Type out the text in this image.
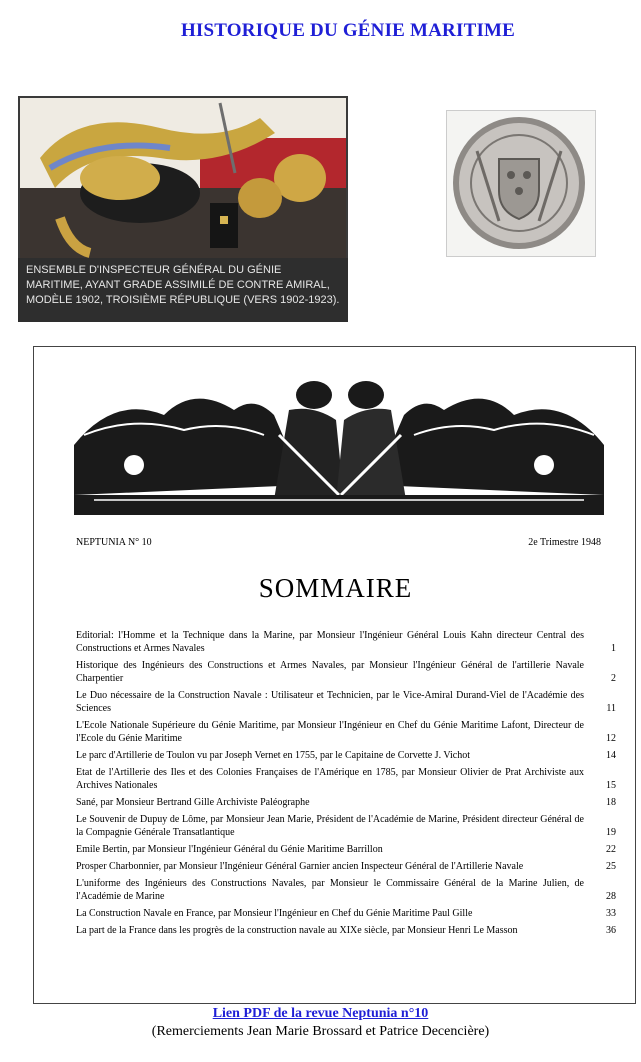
HISTORIQUE DU GÉNIE MARITIME
ENSEMBLE D'INSPECTEUR GÉNÉRAL DU GÉNIE MARITIME, AYANT GRADE ASSIMILÉ DE CONTRE AMIRAL, MODÈLE 1902, TROISIÈME RÉPUBLIQUE (VERS 1902-1923).
NEPTUNIA N° 10	2e Trimestre 1948
SOMMAIRE
Editorial: l'Homme et la Technique dans la Marine, par Monsieur l'Ingénieur Général Louis Kahn directeur Central des Constructions et Armes Navales	1
Historique des Ingénieurs des Constructions et Armes Navales, par Monsieur l'Ingénieur Général de l'artillerie Navale Charpentier	2
Le Duo nécessaire de la Construction Navale : Utilisateur et Technicien, par le Vice-Amiral Durand-Viel de l'Académie des Sciences	11
L'Ecole Nationale Supérieure du Génie Maritime, par Monsieur l'Ingénieur en Chef du Génie Maritime Lafont, Directeur de l'Ecole du Génie Maritime	12
Le parc d'Artillerie de Toulon vu par Joseph Vernet en 1755, par le Capitaine de Corvette J. Vichot	14
Etat de l'Artillerie des Iles et des Colonies Françaises de l'Amérique en 1785, par Monsieur Olivier de Prat Archiviste aux Archives Nationales	15
Sané, par Monsieur Bertrand Gille Archiviste Paléographe	18
Le Souvenir de Dupuy de Lôme, par Monsieur Jean Marie, Président de l'Académie de Marine, Président directeur Général de la Compagnie Générale Transatlantique	19
Emile Bertin, par Monsieur l'Ingénieur Général du Génie Maritime Barrillon	22
Prosper Charbonnier, par Monsieur l'Ingénieur Général Garnier ancien Inspecteur Général de l'Artillerie Navale	25
L'uniforme des Ingénieurs des Constructions Navales, par Monsieur le Commissaire Général de la Marine Julien, de l'Académie de Marine	28
La Construction Navale en France, par Monsieur l'Ingénieur en Chef du Génie Maritime Paul Gille	33
La part de la France dans les progrès de la construction navale au XIXe siècle, par Monsieur Henri Le Masson	36
Lien PDF de la revue Neptunia n°10
(Remerciements Jean Marie Brossard et Patrice Decencière)
